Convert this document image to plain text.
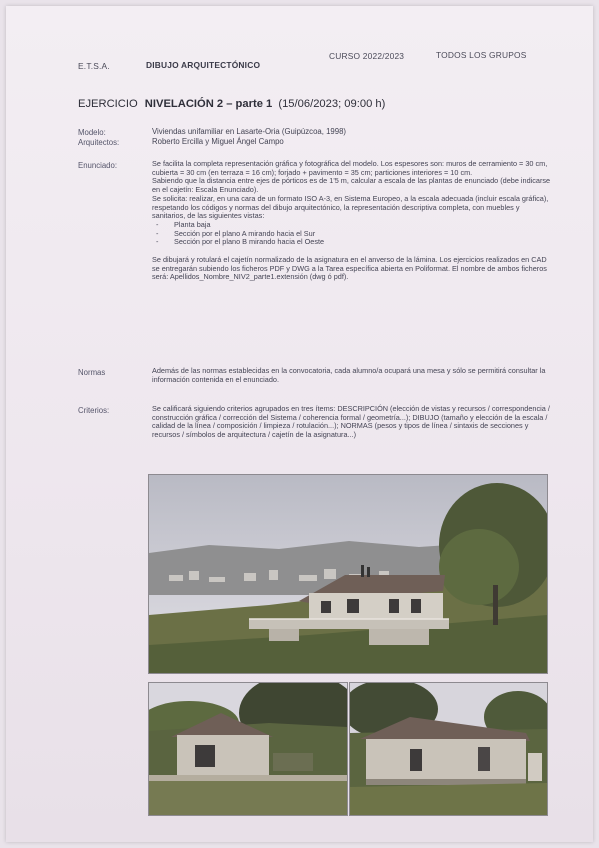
E.T.S.A.	DIBUJO ARQUITECTÓNICO
CURSO 2022/2023	TODOS LOS GRUPOS
EJERCICIO NIVELACIÓN 2 – parte 1 (15/06/2023; 09:00 h)
Modelo:	Viviendas unifamiliar en Lasarte-Oria (Guipúzcoa, 1998)
Arquitectos:	Roberto Ercilla y Miguel Ángel Campo
Enunciado:	Se facilita la completa representación gráfica y fotográfica del modelo. Los espesores son: muros de cerramiento = 30 cm, cubierta = 30 cm (en terraza = 16 cm); forjado + pavimento = 35 cm; particiones interiores = 10 cm.

Sabiendo que la distancia entre ejes de pórticos es de 1'5 m, calcular a escala de las plantas de enunciado (debe indicarse en el cajetín: Escala Enunciado).

Se solicita: realizar, en una cara de un formato ISO A-3, en Sistema Europeo, a la escala adecuada (incluir escala gráfica), respetando los códigos y normas del dibujo arquitectónico, la representación descriptiva completa, con muebles y sanitarios, de las siguientes vistas:

- Planta baja
- Sección por el plano A mirando hacia el Sur
- Sección por el plano B mirando hacia el Oeste

Se dibujará y rotulará el cajetín normalizado de la asignatura en el anverso de la lámina. Los ejercicios realizados en CAD se entregarán subiendo los ficheros PDF y DWG a la Tarea específica abierta en Poliformat. El nombre de ambos ficheros será: Apellidos_Nombre_NIV2_parte1.extensión (dwg ó pdf).

Normas	Además de las normas establecidas en la convocatoria, cada alumno/a ocupará una mesa y sólo se permitirá consultar la información contenida en el enunciado.
Criterios:	Se calificará siguiendo criterios agrupados en tres ítems: DESCRIPCIÓN (elección de vistas y recursos / correspondencia / construcción gráfica / corrección del Sistema / coherencia formal / geometría...); DIBUJO (tamaño y elección de la escala / calidad de la línea / composición / limpieza / rotulación...); NORMAS (pesos y tipos de línea / sintaxis de secciones y recursos / símbolos de arquitectura / cajetín de la asignatura...)
